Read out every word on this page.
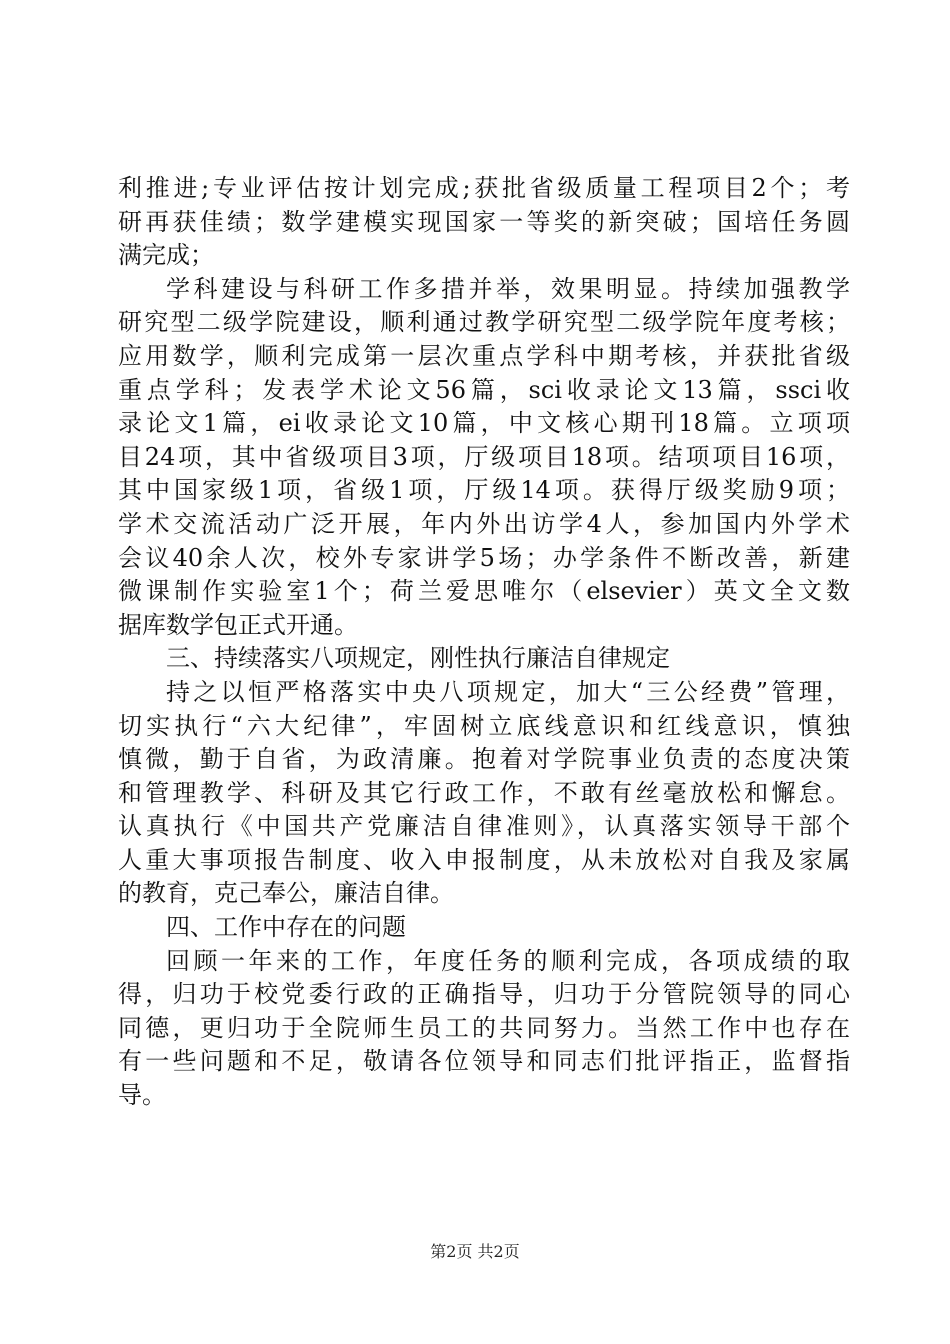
利推进;专业评估按计划完成;获批省级质量工程项目2个；考
研再获佳绩；数学建模实现国家一等奖的新突破；国培任务圆
满完成；
学科建设与科研工作多措并举，效果明显。持续加强教学
研究型二级学院建设，顺利通过教学研究型二级学院年度考核；
应用数学，顺利完成第一层次重点学科中期考核，并获批省级
重点学科；发表学术论文56篇，sci收录论文13篇，ssci收
录论文1篇，ei收录论文10篇，中文核心期刊18篇。立项项
目24项，其中省级项目3项，厅级项目18项。结项项目16项，
其中国家级1项，省级1项，厅级14项。获得厅级奖励9项；
学术交流活动广泛开展，年内外出访学4人，参加国内外学术
会议40余人次，校外专家讲学5场；办学条件不断改善，新建
微课制作实验室1个；荷兰爱思唯尔（elsevier）英文全文数
据库数学包正式开通。
三、持续落实八项规定，刚性执行廉洁自律规定
持之以恒严格落实中央八项规定，加大“三公经费”管理，
切实执行“六大纪律”，牢固树立底线意识和红线意识，慎独
慎微，勤于自省，为政清廉。抱着对学院事业负责的态度决策
和管理教学、科研及其它行政工作，不敢有丝毫放松和懈怠。
认真执行《中国共产党廉洁自律准则》，认真落实领导干部个
人重大事项报告制度、收入申报制度，从未放松对自我及家属
的教育，克己奉公，廉洁自律。
四、工作中存在的问题
回顾一年来的工作，年度任务的顺利完成，各项成绩的取
得，归功于校党委行政的正确指导，归功于分管院领导的同心
同德，更归功于全院师生员工的共同努力。当然工作中也存在
有一些问题和不足，敬请各位领导和同志们批评指正，监督指
导。
第2页 共2页
